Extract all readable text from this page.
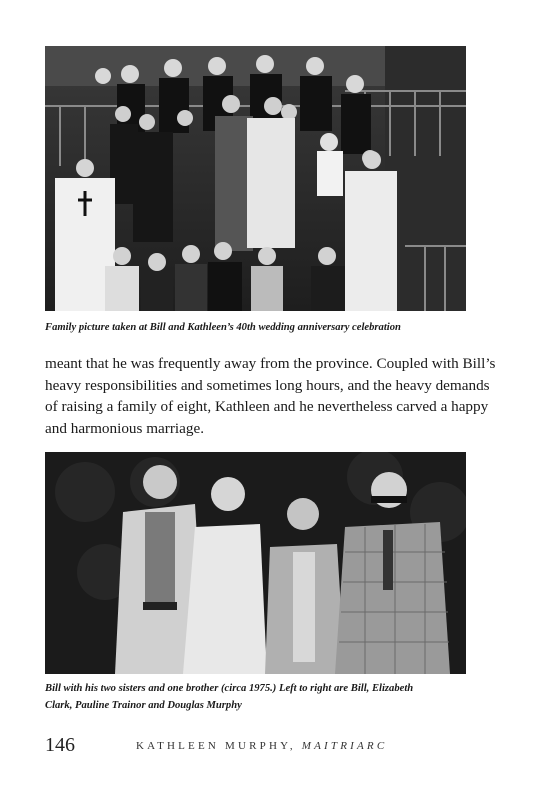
Family picture taken at Bill and Kathleen’s 40th wedding anniversary celebration
meant that he was frequently away from the province. Coupled with Bill’s
heavy responsibilities and sometimes long hours, and the heavy demands
of raising a family of eight, Kathleen and he nevertheless carved a happy
and harmonious marriage.
Bill with his two sisters and one brother (circa 1975.) Left to right are Bill, Elizabeth
Clark, Pauline Trainor and Douglas Murphy
146	KATHLEEN MURPHY, MAITRIARC
